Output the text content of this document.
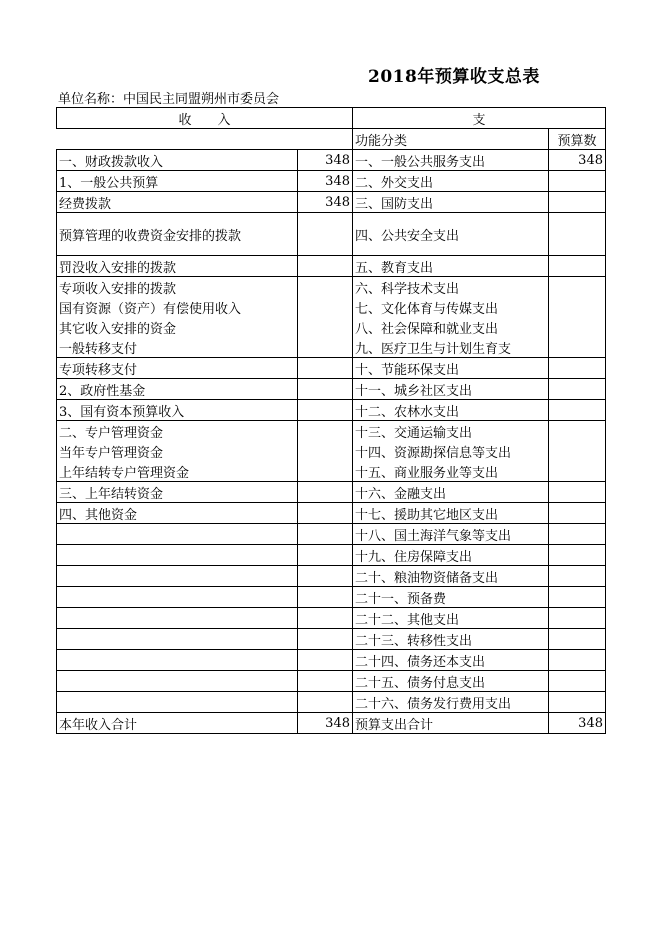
2018年预算收支总表
单位名称：中国民主同盟朔州市委员会
收　　入		支	
		功能分类	预算数
一、财政拨款收入	348	一、一般公共服务支出	348
1、一般公共预算	348	二、外交支出	
经费拨款	348	三、国防支出	
预算管理的收费资金安排的拨款		四、公共安全支出	
罚没收入安排的拨款		五、教育支出	
专项收入安排的拨款		六、科学技术支出	
国有资源（资产）有偿使用收入		七、文化体育与传媒支出	
其它收入安排的资金		八、社会保障和就业支出	
一般转移支付		九、医疗卫生与计划生育支	
专项转移支付		十、节能环保支出	
2、政府性基金		十一、城乡社区支出	
3、国有资本预算收入		十二、农林水支出	
二、专户管理资金		十三、交通运输支出	
当年专户管理资金		十四、资源勘探信息等支出	
上年结转专户管理资金		十五、商业服务业等支出	
三、上年结转资金		十六、金融支出	
四、其他资金		十七、援助其它地区支出	
		十八、国土海洋气象等支出	
		十九、住房保障支出	
		二十、粮油物资储备支出	
		二十一、预备费	
		二十二、其他支出	
		二十三、转移性支出	
		二十四、债务还本支出	
		二十五、债务付息支出	
		二十六、债务发行费用支出	
本年收入合计	348	预算支出合计	348
